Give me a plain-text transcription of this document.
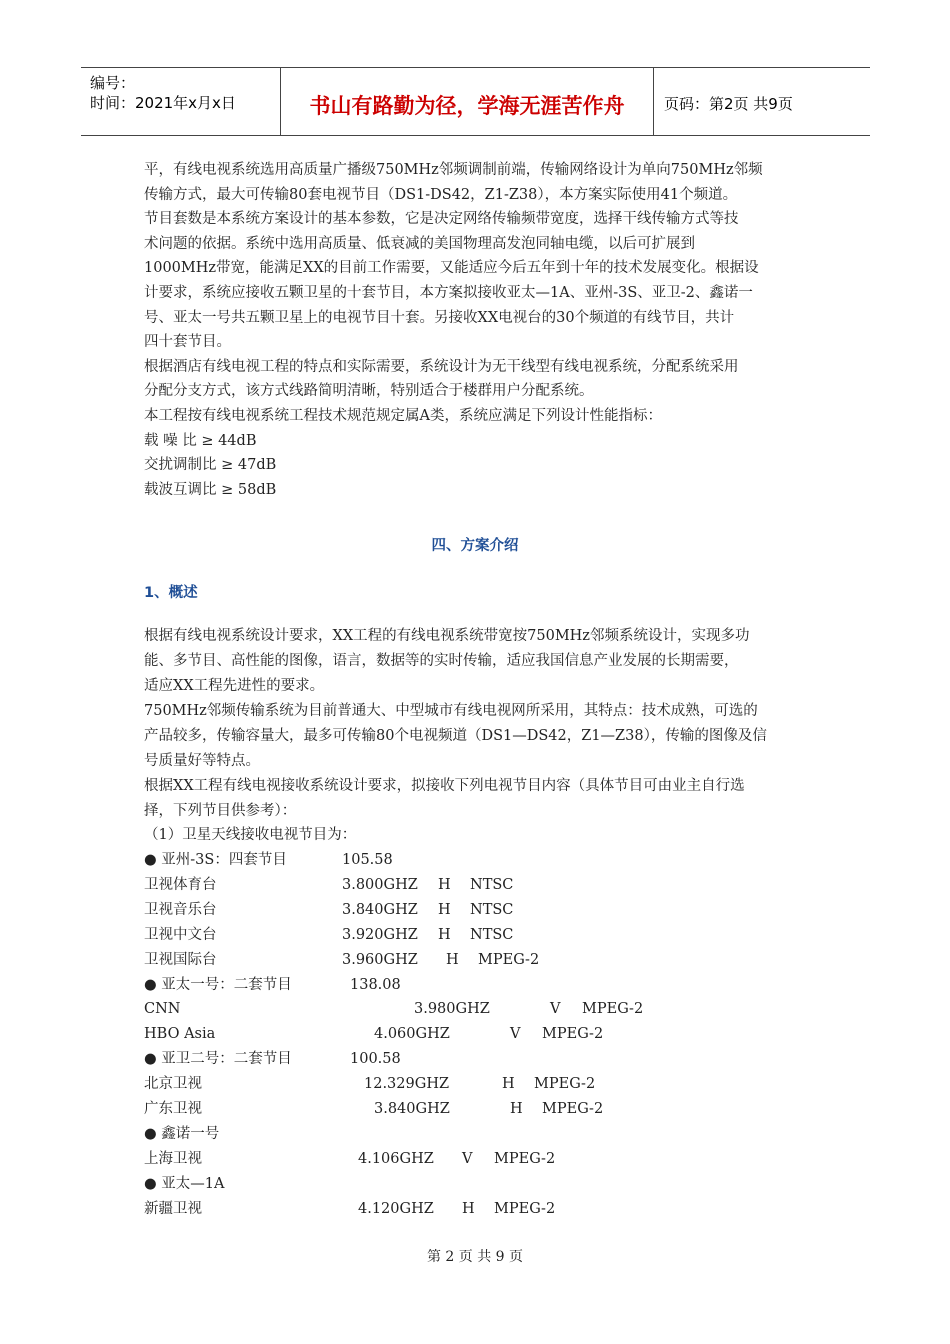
编号：
时间：2021年x月x日	书山有路勤为径，学海无涯苦作舟	页码：第2页 共9页
平，有线电视系统选用高质量广播级750MHz邻频调制前端，传输网络设计为单向750MHz邻频
传输方式，最大可传输80套电视节目（DS1-DS42，Z1-Z38），本方案实际使用41个频道。
节目套数是本系统方案设计的基本参数，它是决定网络传输频带宽度，选择干线传输方式等技
术问题的依据。系统中选用高质量、低衰减的美国物理高发泡同轴电缆，以后可扩展到
1000MHz带宽，能满足XX的目前工作需要，又能适应今后五年到十年的技术发展变化。根据设
计要求，系统应接收五颗卫星的十套节目，本方案拟接收亚太—1A、亚州-3S、亚卫-2、鑫诺一
号、亚太一号共五颗卫星上的电视节目十套。另接收XX电视台的30个频道的有线节目，共计
四十套节目。
根据酒店有线电视工程的特点和实际需要，系统设计为无干线型有线电视系统，分配系统采用
分配分支方式，该方式线路简明清晰，特别适合于楼群用户分配系统。
本工程按有线电视系统工程技术规范规定属A类，系统应满足下列设计性能指标：
载 噪 比 ≥ 44dB
交扰调制比 ≥ 47dB
载波互调比 ≥ 58dB
四、方案介绍
1、概述
根据有线电视系统设计要求，XX工程的有线电视系统带宽按750MHz邻频系统设计，实现多功
能、多节目、高性能的图像，语言，数据等的实时传输，适应我国信息产业发展的长期需要，
适应XX工程先进性的要求。
750MHz邻频传输系统为目前普通大、中型城市有线电视网所采用，其特点：技术成熟，可选的
产品较多，传输容量大，最多可传输80个电视频道（DS1—DS42，Z1—Z38），传输的图像及信
号质量好等特点。
根据XX工程有线电视接收系统设计要求，拟接收下列电视节目内容（具体节目可由业主自行选
择，下列节目供参考）：
（1）卫星天线接收电视节目为：
● 亚州-3S：四套节目	105.58
卫视体育台	3.800GHZ H NTSC
卫视音乐台	3.840GHZ H NTSC
卫视中文台	3.920GHZ H NTSC
卫视国际台	3.960GHZ H MPEG-2
● 亚太一号：二套节目	138.08
CNN	3.980GHZ	V MPEG-2
HBO Asia	4.060GHZ	V MPEG-2
● 亚卫二号：二套节目	100.58
北京卫视	12.329GHZ	H MPEG-2
广东卫视	3.840GHZ	H MPEG-2
● 鑫诺一号
上海卫视	4.106GHZ V MPEG-2
● 亚太—1A
新疆卫视	4.120GHZ H MPEG-2
第 2 页 共 9 页
